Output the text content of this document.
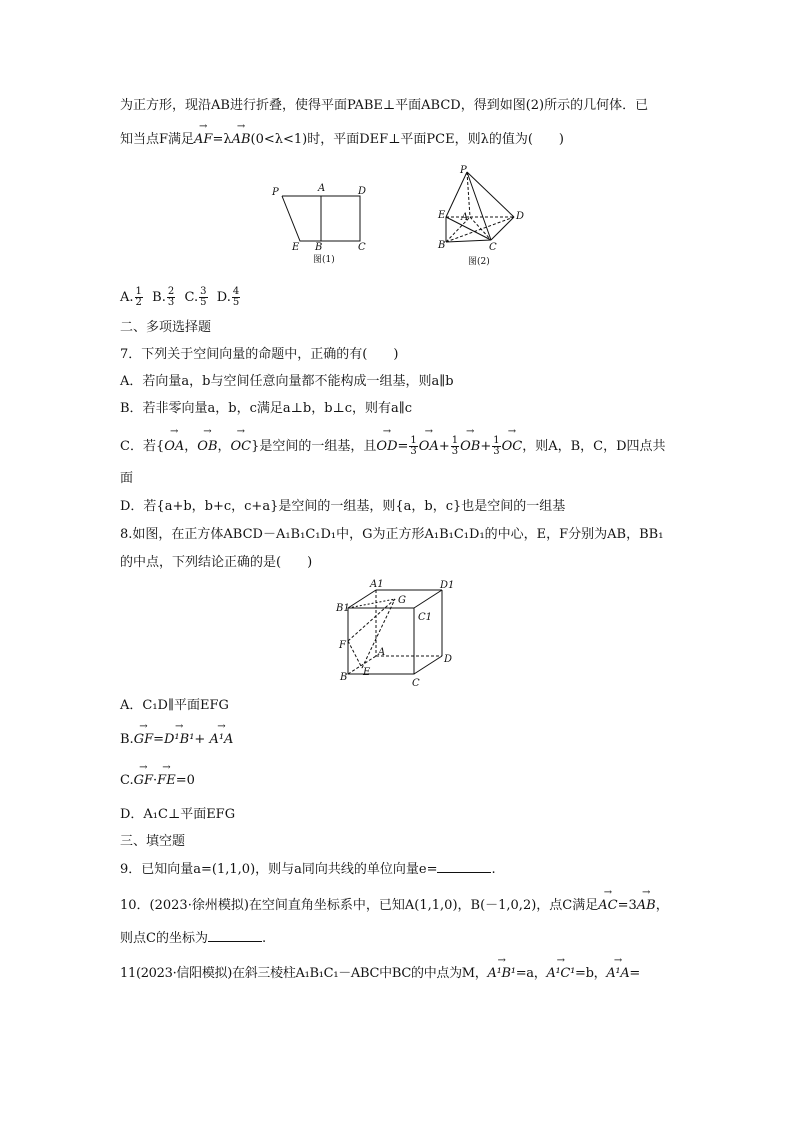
为正方形，现沿AB进行折叠，使得平面PABE⊥平面ABCD，得到如图(2)所示的几何体．已
知当点F满足→ AF=λ→ AB(0<λ<1)时，平面DEF⊥平面PCE，则λ的值为(　　)
P	A	D
E B	C
图(1)
P
E A	D
B	C
图(2)
A. $\frac{1}{2} B$. $\frac{2}{3} C$. $\frac{3}{5} D$. $\frac{4}{5}$
二、多项选择题
7．下列关于空间向量的命题中，正确的有(　　)
A．若向量a，b与空间任意向量都不能构成一组基，则a∥b
B．若非零向量a，b，c满足a⊥b，b⊥c，则有a∥c
C．若{→ OA，→ OB，→ OC}是空间的一组基，且→ $OD= \frac{1}{3} \to OA+ \frac{1}{3} \to OB+ \frac{1}{3}$ → OC，则A，B，C，D四点共
面
D．若{a+b，b+c，c+a}是空间的一组基，则{a，b，c}也是空间的一组基
8.如图，在正方体ABCD－A₁B₁C₁D₁中，G为正方形A₁B₁C₁D₁的中心，E，F分别为AB，BB₁
的中点，下列结论正确的是(　　)
A1	D1
B1
G
C1
F
A
D
B E
C
A．C₁D∥平面EFG
B.→ GF=→ D¹B¹+ → A¹A
C.→ GF·→ FE=0
D．A₁C⊥平面EFG
三、填空题
9．已知向量a=(1,1,0)，则与a同向共线的单位向量e=	.
10．(2023·徐州模拟)在空间直角坐标系中，已知A(1,1,0)，B(－1,0,2)，点C满足→ AC=3→ AB，
则点C的坐标为	.
11(2023·信阳模拟)在斜三棱柱A₁B₁C₁－ABC中BC的中点为M，→ A¹B¹=a，→ A¹C¹=b，→ A¹A=
